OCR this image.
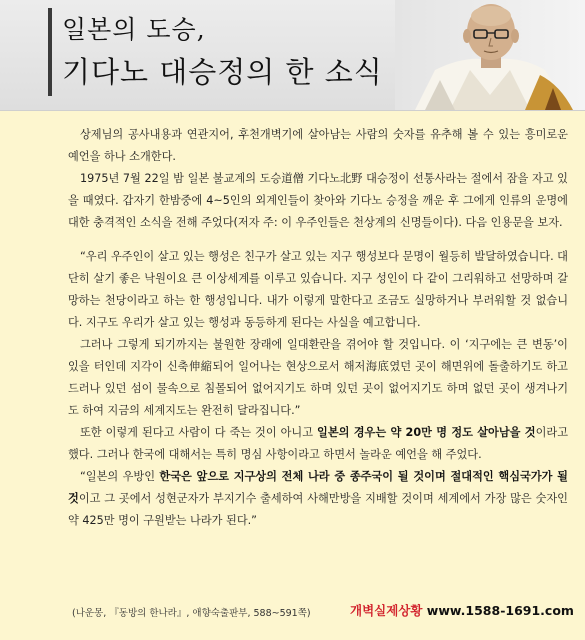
일본의 도승,
기다노 대승정의 한 소식

상제님의 공사내용과 연관지어, 후천개벽기에 살아남는 사람의 숫자를 유추해 볼 수 있는 흥미로운 예언을 하나 소개한다.

1975년 7월 22일 밤 일본 불교계의 도승道僧 기다노北野 대승정이 선통사라는 절에서 잠을 자고 있을 때였다. 갑자기 한밤중에 4~5인의 외계인들이 찾아와 기다노 승정을 깨운 후 그에게 인류의 운명에 대한 충격적인 소식을 전해 주었다(저자 주: 이 우주인들은 천상계의 신명들이다). 다음 인용문을 보자.

“우리 우주인이 살고 있는 행성은 친구가 살고 있는 지구 행성보다 문명이 월등히 발달하였습니다. 대단히 살기 좋은 낙원이요 큰 이상세계를 이루고 있습니다. 지구 성인이 다 같이 그리워하고 선망하며 갈망하는 천당이라고 하는 한 행성입니다. 내가 이렇게 말한다고 조금도 실망하거나 부러워할 것 없습니다. 지구도 우리가 살고 있는 행성과 동등하게 된다는 사실을 예고합니다.

그러나 그렇게 되기까지는 불원한 장래에 일대환란을 겪어야 할 것입니다. 이 ‘지구에는 큰 변동’이 있을 터인데 지각이 신축伸縮되어 일어나는 현상으로서 해저海底였던 곳이 해면위에 돌출하기도 하고 드러나 있던 섬이 물속으로 침몰되어 없어지기도 하며 있던 곳이 없어지기도 하며 없던 곳이 생겨나기도 하여 지금의 세계지도는 완전히 달라집니다.”

또한 이렇게 된다고 사람이 다 죽는 것이 아니고 일본의 경우는 약 20만 명 정도 살아남을 것이라고 했다. 그러나 한국에 대해서는 특히 명심 사항이라고 하면서 놀라운 예언을 해 주었다.

“일본의 우방인 한국은 앞으로 지구상의 전체 나라 중 종주국이 될 것이며 절대적인 핵심국가가 될 것이고 그 곳에서 성현군자가 부지기수 출세하여 사해만방을 지배할 것이며 세계에서 가장 많은 숫자인 약 425만 명이 구원받는 나라가 된다.”

(나운몽, 『동방의 한나라』, 애향숙출판부, 588~591쪽)	개벽실제상황 www.1588-1691.com
